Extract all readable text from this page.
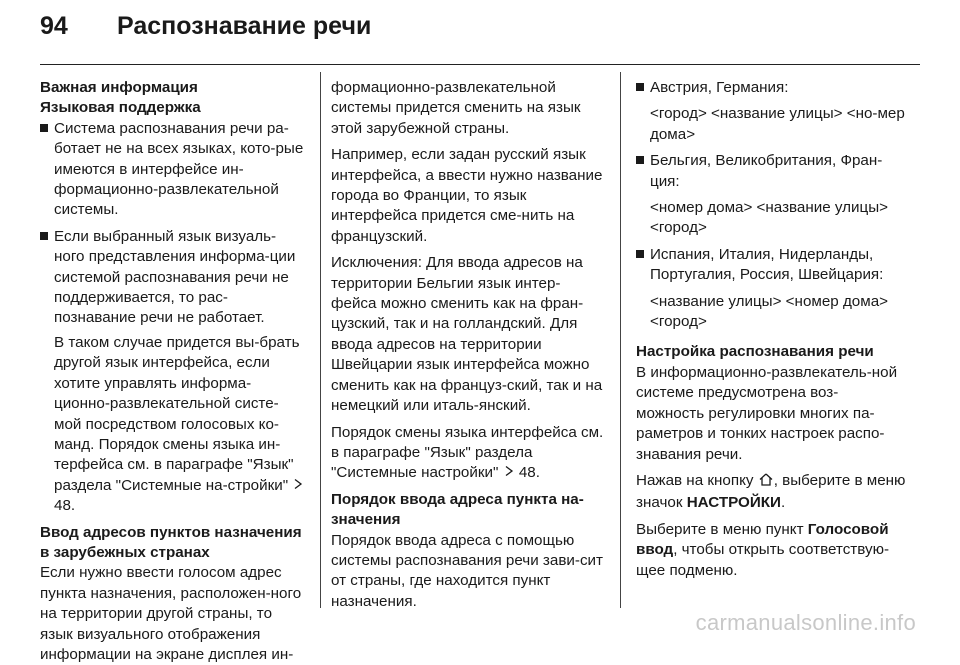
94 Распознавание речи
Важная информация
Языковая поддержка
Система распознавания речи ра-ботает не на всех языках, кото-рые имеются в интерфейсе ин-формационно-развлекательной системы.
Если выбранный язык визуаль-ного представления информа-ции системой распознавания речи не поддерживается, то рас-познавание речи не работает.
В таком случае придется вы-брать другой язык интерфейса, если хотите управлять информа-ционно-развлекательной систе-мой посредством голосовых ко-манд. Порядок смены языка ин-терфейса см. в параграфе "Язык" раздела "Системные на-стройки"  48.
Ввод адресов пунктов назначения в зарубежных странах

Если нужно ввести голосом адрес пункта назначения, расположен-ного на территории другой страны, то язык визуального отображения информации на экране дисплея ин-

формационно-развлекательной системы придется сменить на язык этой зарубежной страны.

Например, если задан русский язык интерфейса, а ввести нужно название города во Франции, то язык интерфейса придется сме-нить на французский.

Исключения: Для ввода адресов на территории Бельгии язык интер-фейса можно сменить как на фран-цузский, так и на голландский. Для ввода адресов на территории Швейцарии язык интерфейса можно сменить как на француз-ский, так и на немецкий или италь-янский.

Порядок смены языка интерфейса см. в параграфе "Язык" раздела "Системные настройки" 48.

Порядок ввода адреса пункта на-значения

Порядок ввода адреса с помощью системы распознавания речи зави-сит от страны, где находится пункт назначения.

Австрия, Германия:

<город> <название улицы> <но-мер дома>

Бельгия, Великобритания, Фран-ция:

<номер дома> <название улицы> <город>

Испания, Италия, Нидерланды, Португалия, Россия, Швейцария:

<название улицы> <номер дома> <город>

Настройка распознавания речи

В информационно-развлекатель-ной системе предусмотрена воз-можность регулировки многих па-раметров и тонких настроек распо-знавания речи.

Нажав на кнопку , выберите в меню значок НАСТРОЙКИ.

Выберите в меню пункт Голосовой ввод, чтобы открыть соответствую-щее подменю.

carmanualsonline.info
